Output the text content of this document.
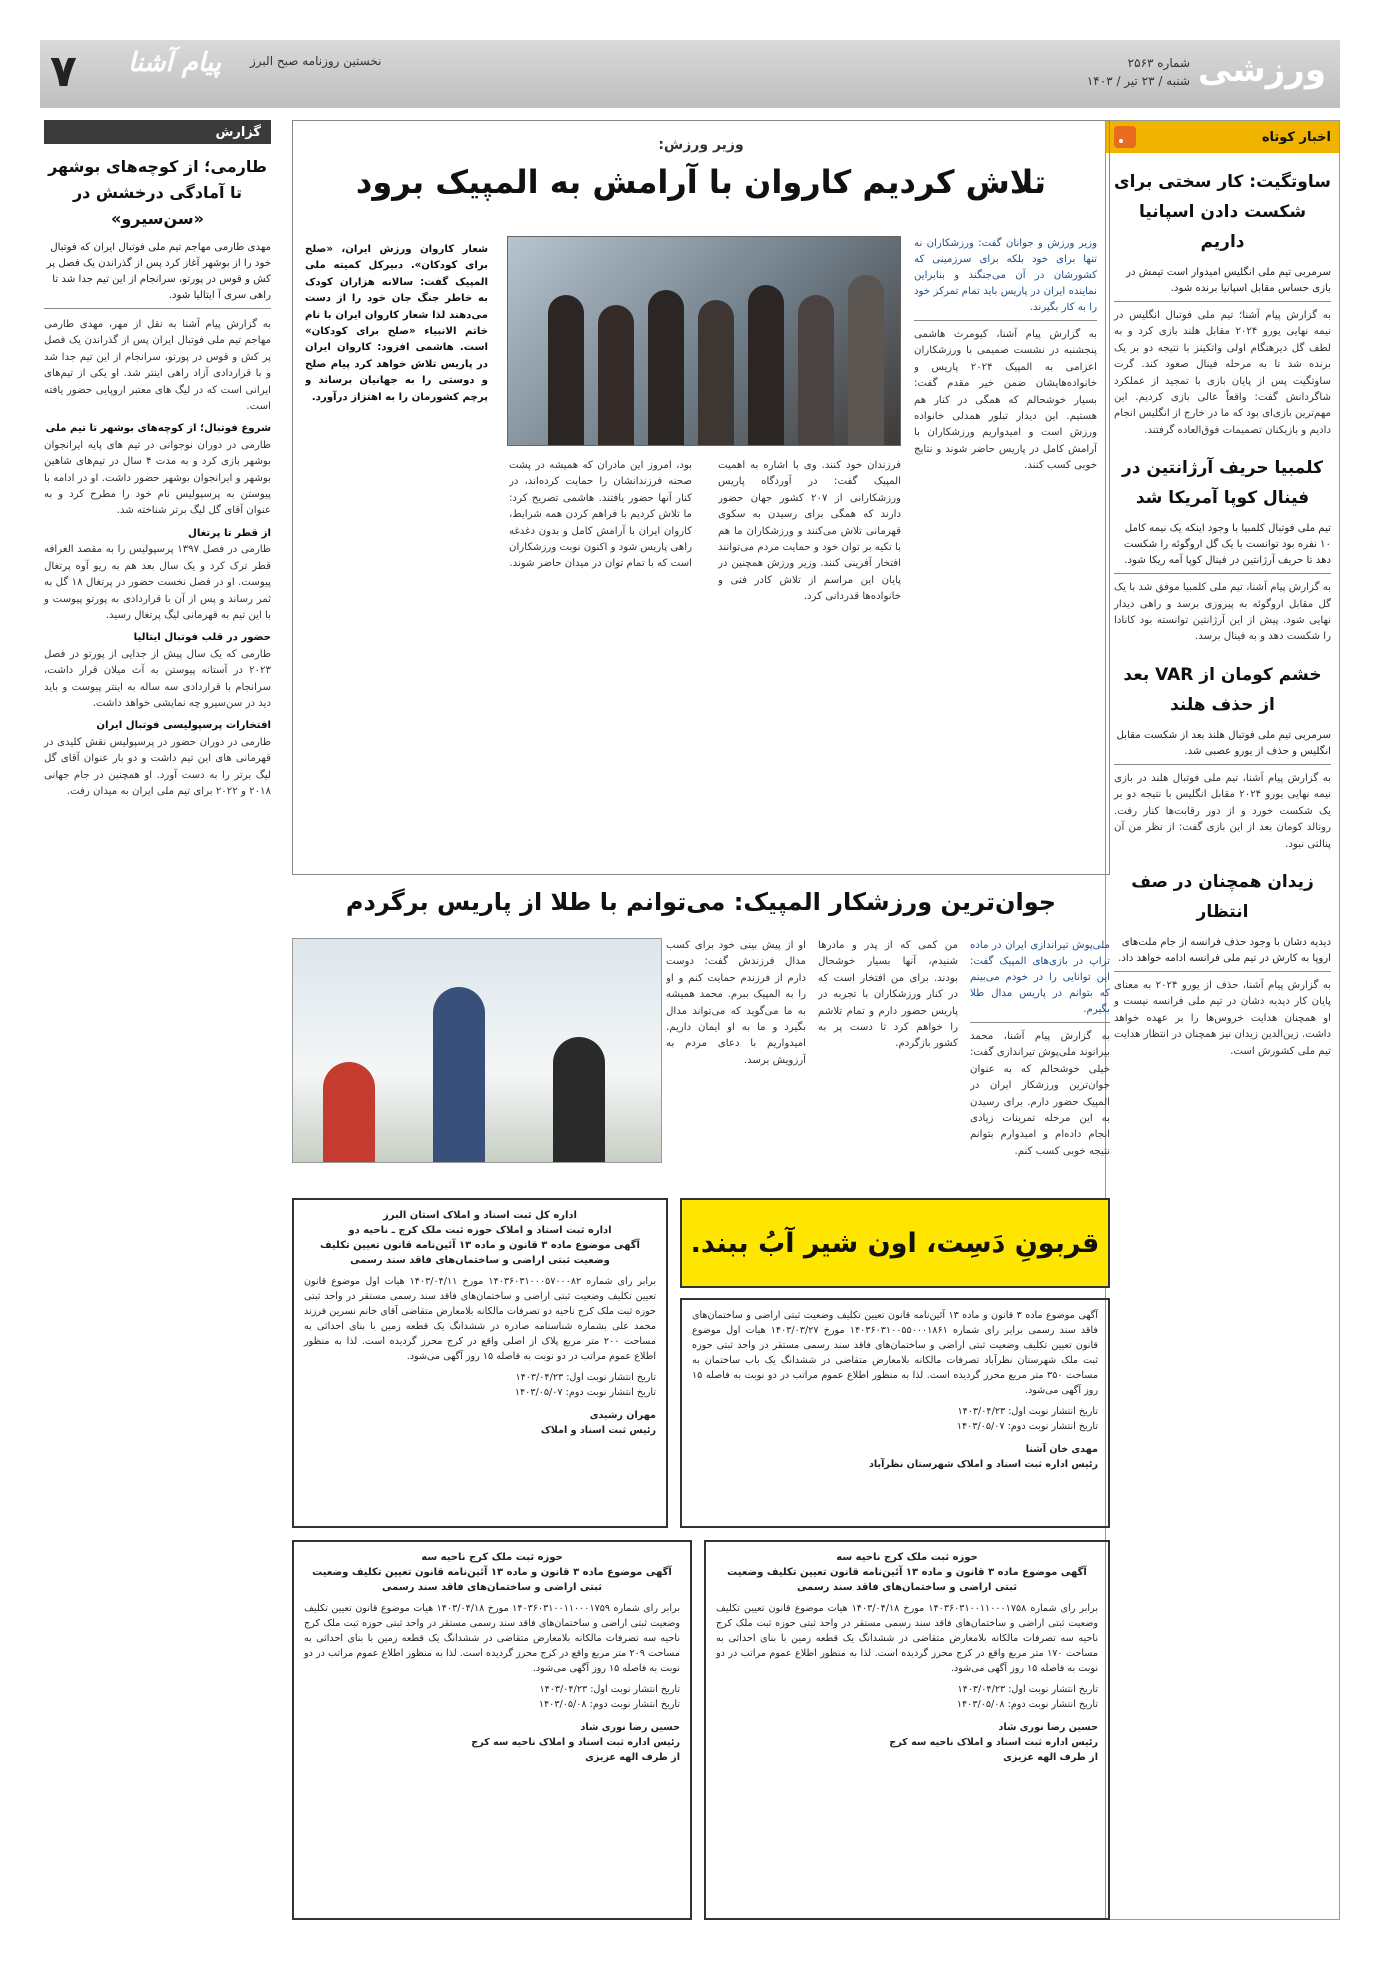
ورزشی
شماره ۲۵۶۳
شنبه / ۲۳ تیر / ۱۴۰۳
نخستین روزنامه صبح البرز
پیام آشنا
۷
اخبار کوتاه
ساوتگیت: کار سختی برای شکست دادن اسپانیا داریم
سرمربی تیم ملی انگلیس امیدوار است تیمش در بازی حساس مقابل اسپانیا برنده شود.
به گزارش پیام آشنا؛ تیم ملی فوتبال انگلیس در نیمه نهایی یورو ۲۰۲۴ مقابل هلند بازی کرد و به لطف گل دیرهنگام اولی واتکینز با نتیجه دو بر یک برنده شد تا به مرحله فینال صعود کند. گرت ساوتگیت پس از پایان بازی با تمجید از عملکرد شاگردانش گفت: واقعاً عالی بازی کردیم. این مهم‌ترین بازی‌ای بود که ما در خارج از انگلیس انجام دادیم و بازیکنان تصمیمات فوق‌العاده گرفتند.
کلمبیا حریف آرژانتین در فینال کوپا آمریکا شد
تیم ملی فوتبال کلمبیا با وجود اینکه یک نیمه کامل ۱۰ نفره بود توانست با یک گل اروگوئه را شکست دهد تا حریف آرژانتین در فینال کوپا آمه ریکا شود.
به گزارش پیام آشنا، تیم ملی کلمبیا موفق شد با یک گل مقابل اروگوئه به پیروزی برسد و راهی دیدار نهایی شود. پیش از این آرژانتین توانسته بود کانادا را شکست دهد و به فینال برسد.
خشم کومان از VAR بعد از حذف هلند
سرمربی تیم ملی فوتبال هلند بعد از شکست مقابل انگلیس و حذف از یورو عصبی شد.
به گزارش پیام آشنا، تیم ملی فوتبال هلند در بازی نیمه نهایی یورو ۲۰۲۴ مقابل انگلیس با نتیجه دو بر یک شکست خورد و از دور رقابت‌ها کنار رفت. رونالد کومان بعد از این بازی گفت: از نظر من آن پنالتی نبود.
زیدان همچنان در صف انتظار
دیدیه دشان با وجود حذف فرانسه از جام ملت‌های اروپا به کارش در تیم ملی فرانسه ادامه خواهد داد.
به گزارش پیام آشنا، حذف از یورو ۲۰۲۴ به معنای پایان کار دیدیه دشان در تیم ملی فرانسه نیست و او همچنان هدایت خروس‌ها را بر عهده خواهد داشت. زین‌الدین زیدان نیز همچنان در انتظار هدایت تیم ملی کشورش است.
گزارش
طارمی؛ از کوچه‌های بوشهر تا آمادگی درخشش در «سن‌سیرو»
مهدی طارمی مهاجم تیم ملی فوتبال ایران که فوتبال خود را از بوشهر آغاز کرد پس از گذراندن یک فصل پر کش و قوس در پورتو، سرانجام از این تیم جدا شد تا راهی سری آ ایتالیا شود.

به گزارش پیام آشنا به نقل از مهر، مهدی طارمی مهاجم تیم ملی فوتبال ایران پس از گذراندن یک فصل پر کش و قوس در پورتو، سرانجام از این تیم جدا شد و با قراردادی آزاد راهی اینتر شد. او یکی از تیم‌های ایرانی است که در لیگ های معتبر اروپایی حضور یافته است.

شروع فوتبال؛ از کوچه‌های بوشهر تا تیم ملی

طارمی در دوران نوجوانی در تیم های پایه ایرانجوان بوشهر بازی کرد و به مدت ۴ سال در تیم‌های شاهین بوشهر و ایرانجوان بوشهر حضور داشت. او در ادامه با پیوستن به پرسپولیس نام خود را مطرح کرد و به عنوان آقای گل لیگ برتر شناخته شد.

از قطر تا پرتغال

طارمی در فصل ۱۳۹۷ پرسپولیس را به مقصد الغرافه قطر ترک کرد و یک سال بعد هم به ریو آوه پرتغال پیوست. او در فصل نخست حضور در پرتغال ۱۸ گل به ثمر رساند و پس از آن با قراردادی به پورتو پیوست و با این تیم به قهرمانی لیگ پرتغال رسید.

حضور در قلب فوتبال ایتالیا

طارمی که یک سال پیش از جدایی از پورتو در فصل ۲۰۲۳ در آستانه پیوستن به آث میلان قرار داشت، سرانجام با قراردادی سه ساله به اینتر پیوست و باید دید در سن‌سیرو چه نمایشی خواهد داشت.

افتخارات پرسپولیسی فوتبال ایران

طارمی در دوران حضور در پرسپولیس نقش کلیدی در قهرمانی های این تیم داشت و دو بار عنوان آقای گل لیگ برتر را به دست آورد. او همچنین در جام جهانی ۲۰۱۸ و ۲۰۲۲ برای تیم ملی ایران به میدان رفت.

وزیر ورزش:
تلاش کردیم کاروان با آرامش به المپیک برود
وزیر ورزش و جوانان گفت: ورزشکاران نه تنها برای خود بلکه برای سرزمینی که کشورشان در آن می‌جنگند و بنابراین نماینده ایران در پاریس باید تمام تمرکز خود را به کار بگیرند.

به گزارش پیام آشنا، کیومرث هاشمی پنجشنبه در نشست صمیمی با ورزشکاران اعزامی به المپیک ۲۰۲۴ پاریس و خانواده‌هایشان ضمن خیر مقدم گفت: بسیار خوشحالم که همگی در کنار هم هستیم. این دیدار تبلور همدلی خانواده ورزش است و امیدواریم ورزشکاران با آرامش کامل در پاریس حاضر شوند و نتایج خوبی کسب کنند.

فرزندان خود کنند. وی با اشاره به اهمیت المپیک گفت: در آوردگاه پاریس ورزشکارانی از ۲۰۷ کشور جهان حضور دارند که همگی برای رسیدن به سکوی قهرمانی تلاش می‌کنند و ورزشکاران ما هم با تکیه بر توان خود و حمایت مردم می‌توانند افتخار آفرینی کنند. وزیر ورزش همچنین در پایان این مراسم از تلاش کادر فنی و خانواده‌ها قدردانی کرد.

بود، امروز این مادران که همیشه در پشت صحنه فرزندانشان را حمایت کرده‌اند، در کنار آنها حضور یافتند. هاشمی تصریح کرد: ما تلاش کردیم با فراهم کردن همه شرایط، کاروان ایران با آرامش کامل و بدون دغدغه راهی پاریس شود و اکنون نوبت ورزشکاران است که با تمام توان در میدان حاضر شوند.

شعار کاروان ورزش ایران، «صلح برای کودکان». دبیرکل کمیته ملی المپیک گفت: سالانه هزاران کودک به خاطر جنگ جان خود را از دست می‌دهند لذا شعار کاروان ایران با نام خاتم الانبیاء «صلح برای کودکان» است. هاشمی افزود: کاروان ایران در پاریس تلاش خواهد کرد پیام صلح و دوستی را به جهانیان برساند و پرچم کشورمان را به اهتزاز درآورد.

جوان‌ترین ورزشکار المپیک: می‌توانم با طلا از پاریس برگردم
ملی‌پوش تیراندازی ایران در ماده تراپ در بازی‌های المپیک گفت: این توانایی را در خودم می‌بینم که بتوانم در پاریس مدال طلا بگیرم.

به گزارش پیام آشنا، محمد بیرانوند ملی‌پوش تیراندازی گفت: خیلی خوشحالم که به عنوان جوان‌ترین ورزشکار ایران در المپیک حضور دارم. برای رسیدن به این مرحله تمرینات زیادی انجام داده‌ام و امیدوارم بتوانم نتیجه خوبی کسب کنم.

من کمی که از پدر و مادرها شنیدم، آنها بسیار خوشحال بودند. برای من افتخار است که در کنار ورزشکاران با تجربه در پاریس حضور دارم و تمام تلاشم را خواهم کرد تا دست پر به کشور بازگردم.

او از پیش بینی خود برای کسب مدال فرزندش گفت: دوست دارم از فرزندم حمایت کنم و او را به المپیک ببرم. محمد همیشه به ما می‌گوید که می‌تواند مدال بگیرد و ما به او ایمان داریم. امیدواریم با دعای مردم به آرزویش برسد.

قربونِ دَسِت، اون شیر آبُ ببند.
اداره کل ثبت اسناد و املاک استان البرز
اداره ثبت اسناد و املاک حوزه ثبت ملک کرج ـ ناحیه دو
آگهی موضوع ماده ۳ قانون و ماده ۱۳ آئین‌نامه قانون تعیین تکلیف وضعیت ثبتی اراضی و ساختمان‌های فاقد سند رسمی
برابر رای شماره ۱۴۰۳۶۰۳۱۰۰۰۵۷۰۰۰۸۲ مورخ ۱۴۰۳/۰۴/۱۱ هیات اول موضوع قانون تعیین تکلیف وضعیت ثبتی اراضی و ساختمان‌های فاقد سند رسمی مستقر در واحد ثبتی حوزه ثبت ملک کرج ناحیه دو تصرفات مالکانه بلامعارض متقاضی آقای خانم نسرین فرزند محمد علی بشماره شناسنامه صادره در ششدانگ یک قطعه زمین با بنای احداثی به مساحت ۲۰۰ متر مربع پلاک از اصلی واقع در کرج محرز گردیده است. لذا به منظور اطلاع عموم مراتب در دو نوبت به فاصله ۱۵ روز آگهی می‌شود.
تاریخ انتشار نوبت اول: ۱۴۰۳/۰۴/۲۳
تاریخ انتشار نوبت دوم: ۱۴۰۳/۰۵/۰۷
مهران رشیدی
رئیس ثبت اسناد و املاک
آگهی موضوع ماده ۳ قانون و ماده ۱۳ آئین‌نامه قانون تعیین تکلیف وضعیت ثبتی اراضی و ساختمان‌های فاقد سند رسمی برابر رای شماره ۱۴۰۳۶۰۳۱۰۰۵۵۰۰۰۱۸۶۱ مورخ ۱۴۰۳/۰۳/۲۷ هیات اول موضوع قانون تعیین تکلیف وضعیت ثبتی اراضی و ساختمان‌های فاقد سند رسمی مستقر در واحد ثبتی حوزه ثبت ملک شهرستان نظرآباد تصرفات مالکانه بلامعارض متقاضی در ششدانگ یک باب ساختمان به مساحت ۳۵۰ متر مربع محرز گردیده است. لذا به منظور اطلاع عموم مراتب در دو نوبت به فاصله ۱۵ روز آگهی می‌شود.
تاریخ انتشار نوبت اول: ۱۴۰۳/۰۴/۲۳
تاریخ انتشار نوبت دوم: ۱۴۰۳/۰۵/۰۷
مهدی خان آشنا
رئیس اداره ثبت اسناد و املاک شهرستان نظرآباد
حوزه ثبت ملک کرج ناحیه سه
آگهی موضوع ماده ۳ قانون و ماده ۱۳ آئین‌نامه قانون تعیین تکلیف وضعیت ثبتی اراضی و ساختمان‌های فاقد سند رسمی
برابر رای شماره ۱۴۰۳۶۰۳۱۰۰۱۱۰۰۰۱۷۵۹ مورخ ۱۴۰۳/۰۴/۱۸ هیات موضوع قانون تعیین تکلیف وضعیت ثبتی اراضی و ساختمان‌های فاقد سند رسمی مستقر در واحد ثبتی حوزه ثبت ملک کرج ناحیه سه تصرفات مالکانه بلامعارض متقاضی در ششدانگ یک قطعه زمین با بنای احداثی به مساحت ۲۰۹ متر مربع واقع در کرج محرز گردیده است. لذا به منظور اطلاع عموم مراتب در دو نوبت به فاصله ۱۵ روز آگهی می‌شود.
تاریخ انتشار نوبت اول: ۱۴۰۳/۰۴/۲۳
تاریخ انتشار نوبت دوم: ۱۴۰۳/۰۵/۰۸
حسین رضا نوری شاد
رئیس اداره ثبت اسناد و املاک ناحیه سه کرج
از طرف الهه عزیزی
حوزه ثبت ملک کرج ناحیه سه
آگهی موضوع ماده ۳ قانون و ماده ۱۳ آئین‌نامه قانون تعیین تکلیف وضعیت ثبتی اراضی و ساختمان‌های فاقد سند رسمی
برابر رای شماره ۱۴۰۳۶۰۳۱۰۰۱۱۰۰۰۱۷۵۸ مورخ ۱۴۰۳/۰۴/۱۸ هیات موضوع قانون تعیین تکلیف وضعیت ثبتی اراضی و ساختمان‌های فاقد سند رسمی مستقر در واحد ثبتی حوزه ثبت ملک کرج ناحیه سه تصرفات مالکانه بلامعارض متقاضی در ششدانگ یک قطعه زمین با بنای احداثی به مساحت ۱۷۰ متر مربع واقع در کرج محرز گردیده است. لذا به منظور اطلاع عموم مراتب در دو نوبت به فاصله ۱۵ روز آگهی می‌شود.
تاریخ انتشار نوبت اول: ۱۴۰۳/۰۴/۲۳
تاریخ انتشار نوبت دوم: ۱۴۰۳/۰۵/۰۸
حسین رضا نوری شاد
رئیس اداره ثبت اسناد و املاک ناحیه سه کرج
از طرف الهه عزیزی
